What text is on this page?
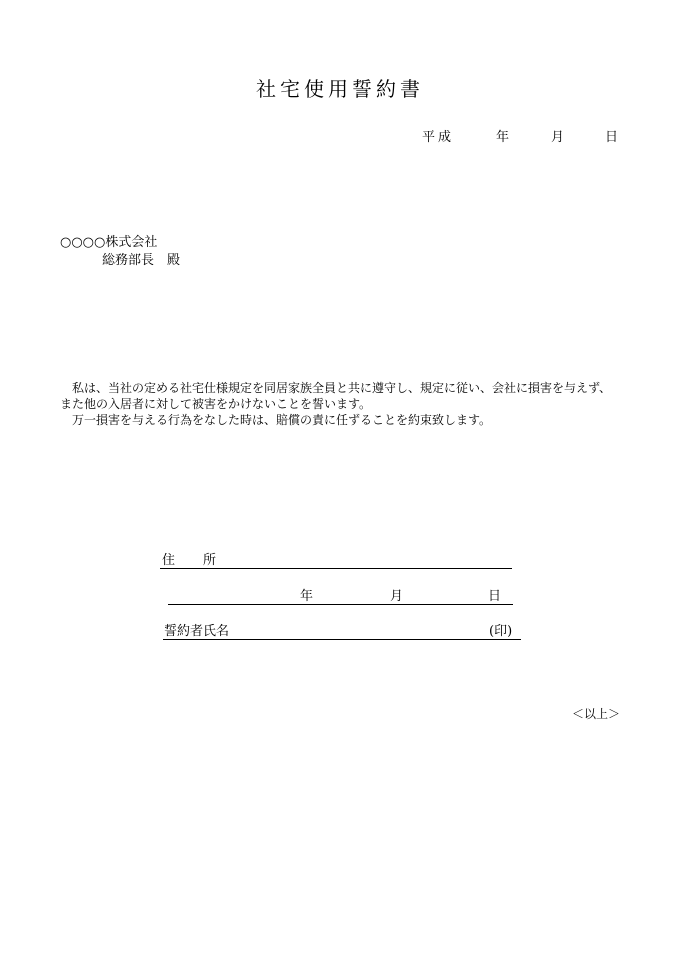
社宅使用誓約書
平成	年	月	日
○○○○株式会社
総務部長　殿

私は、当社の定める社宅仕様規定を同居家族全員と共に遵守し、規定に従い、会社に損害を与えず、

また他の入居者に対して被害をかけないことを誓います。

万一損害を与える行為をなした時は、賠償の責に任ずることを約束致します。

住 所
年	月	日
誓約者氏名	(印)
＜以上＞
